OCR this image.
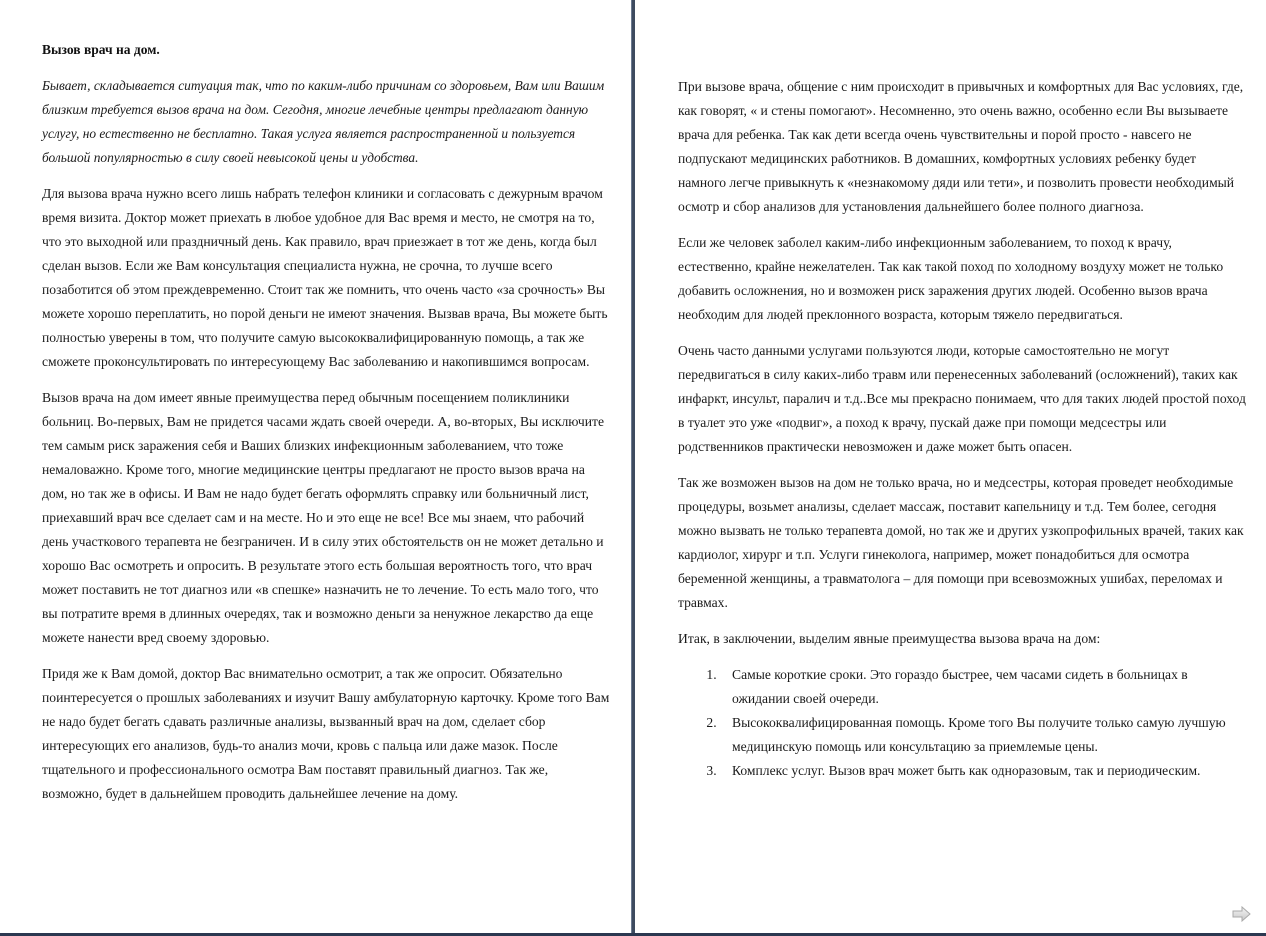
Вызов врач на дом.

Бывает, складывается ситуация так, что по каким-либо причинам со здоровьем, Вам или Вашим близким требуется вызов врача на дом. Сегодня, многие лечебные центры предлагают данную услугу, но естественно не бесплатно. Такая услуга является распространенной и пользуется большой популярностью в силу своей невысокой цены и удобства.

Для вызова врача нужно всего лишь набрать телефон клиники и согласовать с дежурным врачом время визита. Доктор может приехать в любое удобное для Вас время и место, не смотря на то, что это выходной или праздничный день. Как правило, врач приезжает в тот же день, когда был сделан вызов. Если же Вам консультация специалиста нужна, не срочна, то лучше всего позаботится об этом преждевременно. Стоит так же помнить, что очень часто «за срочность» Вы можете хорошо переплатить, но порой деньги не имеют значения. Вызвав врача, Вы можете быть полностью уверены в том, что получите самую высококвалифицированную помощь, а так же сможете проконсультировать по интересующему Вас заболеванию и накопившимся вопросам.

Вызов врача на дом имеет явные преимущества перед обычным посещением поликлиники больниц. Во-первых, Вам не придется часами ждать своей очереди. А, во-вторых, Вы исключите тем самым риск заражения себя и Ваших близких инфекционным заболеванием, что тоже немаловажно. Кроме того, многие медицинские центры предлагают не просто вызов врача на дом, но так же в офисы. И Вам не надо будет бегать оформлять справку или больничный лист, приехавший врач все сделает сам и на месте. Но и это еще не все! Все мы знаем, что рабочий день участкового терапевта не безграничен. И в силу этих обстоятельств он не может детально и хорошо Вас осмотреть и опросить. В результате этого есть большая вероятность того, что врач может поставить не тот диагноз или «в спешке» назначить не то лечение. То есть мало того, что вы потратите время в длинных очередях, так и возможно деньги за ненужное лекарство да еще можете нанести вред своему здоровью.

Придя же к Вам домой, доктор Вас внимательно осмотрит, а так же опросит. Обязательно поинтересуется о прошлых заболеваниях и изучит Вашу амбулаторную карточку. Кроме того Вам не надо будет бегать сдавать различные анализы, вызванный врач на дом, сделает сбор интересующих его анализов, будь-то анализ мочи, кровь с пальца или даже мазок. После тщательного и профессионального осмотра Вам поставят правильный диагноз. Так же, возможно, будет в дальнейшем проводить дальнейшее лечение на дому.

При вызове врача, общение с ним происходит в привычных и комфортных для Вас условиях, где, как говорят, « и стены помогают». Несомненно, это очень важно, особенно если Вы вызываете врача для ребенка. Так как дети всегда очень чувствительны и порой просто - навсего не подпускают медицинских работников. В домашних, комфортных условиях ребенку будет намного легче привыкнуть к «незнакомому дяди или тети», и позволить провести необходимый осмотр и сбор анализов для установления дальнейшего более полного диагноза.

Если же человек заболел каким-либо инфекционным заболеванием, то поход к врачу, естественно, крайне нежелателен. Так как такой поход по холодному воздуху может не только добавить осложнения, но и возможен риск заражения других людей. Особенно вызов врача необходим для людей преклонного возраста, которым тяжело передвигаться.

Очень часто данными услугами пользуются люди, которые самостоятельно не могут передвигаться в силу каких-либо травм или перенесенных заболеваний (осложнений), таких как инфаркт, инсульт, паралич и т.д..Все мы прекрасно понимаем, что для таких людей простой поход в туалет это уже «подвиг», а поход к врачу, пускай даже при помощи медсестры или родственников практически невозможен и даже может быть опасен.

Так же возможен вызов на дом не только врача, но и медсестры, которая проведет необходимые процедуры, возьмет анализы, сделает массаж, поставит капельницу и т.д. Тем более, сегодня можно вызвать не только терапевта домой, но так же и других узкопрофильных врачей, таких как кардиолог, хирург и т.п. Услуги гинеколога, например, может понадобиться для осмотра беременной женщины, а травматолога – для помощи при всевозможных ушибах, переломах и травмах.

Итак, в заключении, выделим явные преимущества вызова врача на дом:

1. Самые короткие сроки. Это гораздо быстрее, чем часами сидеть в больницах в ожидании своей очереди.
2. Высококвалифицированная помощь. Кроме того Вы получите только самую лучшую медицинскую помощь или консультацию за приемлемые цены.
3. Комплекс услуг. Вызов врач может быть как одноразовым, так и периодическим.
